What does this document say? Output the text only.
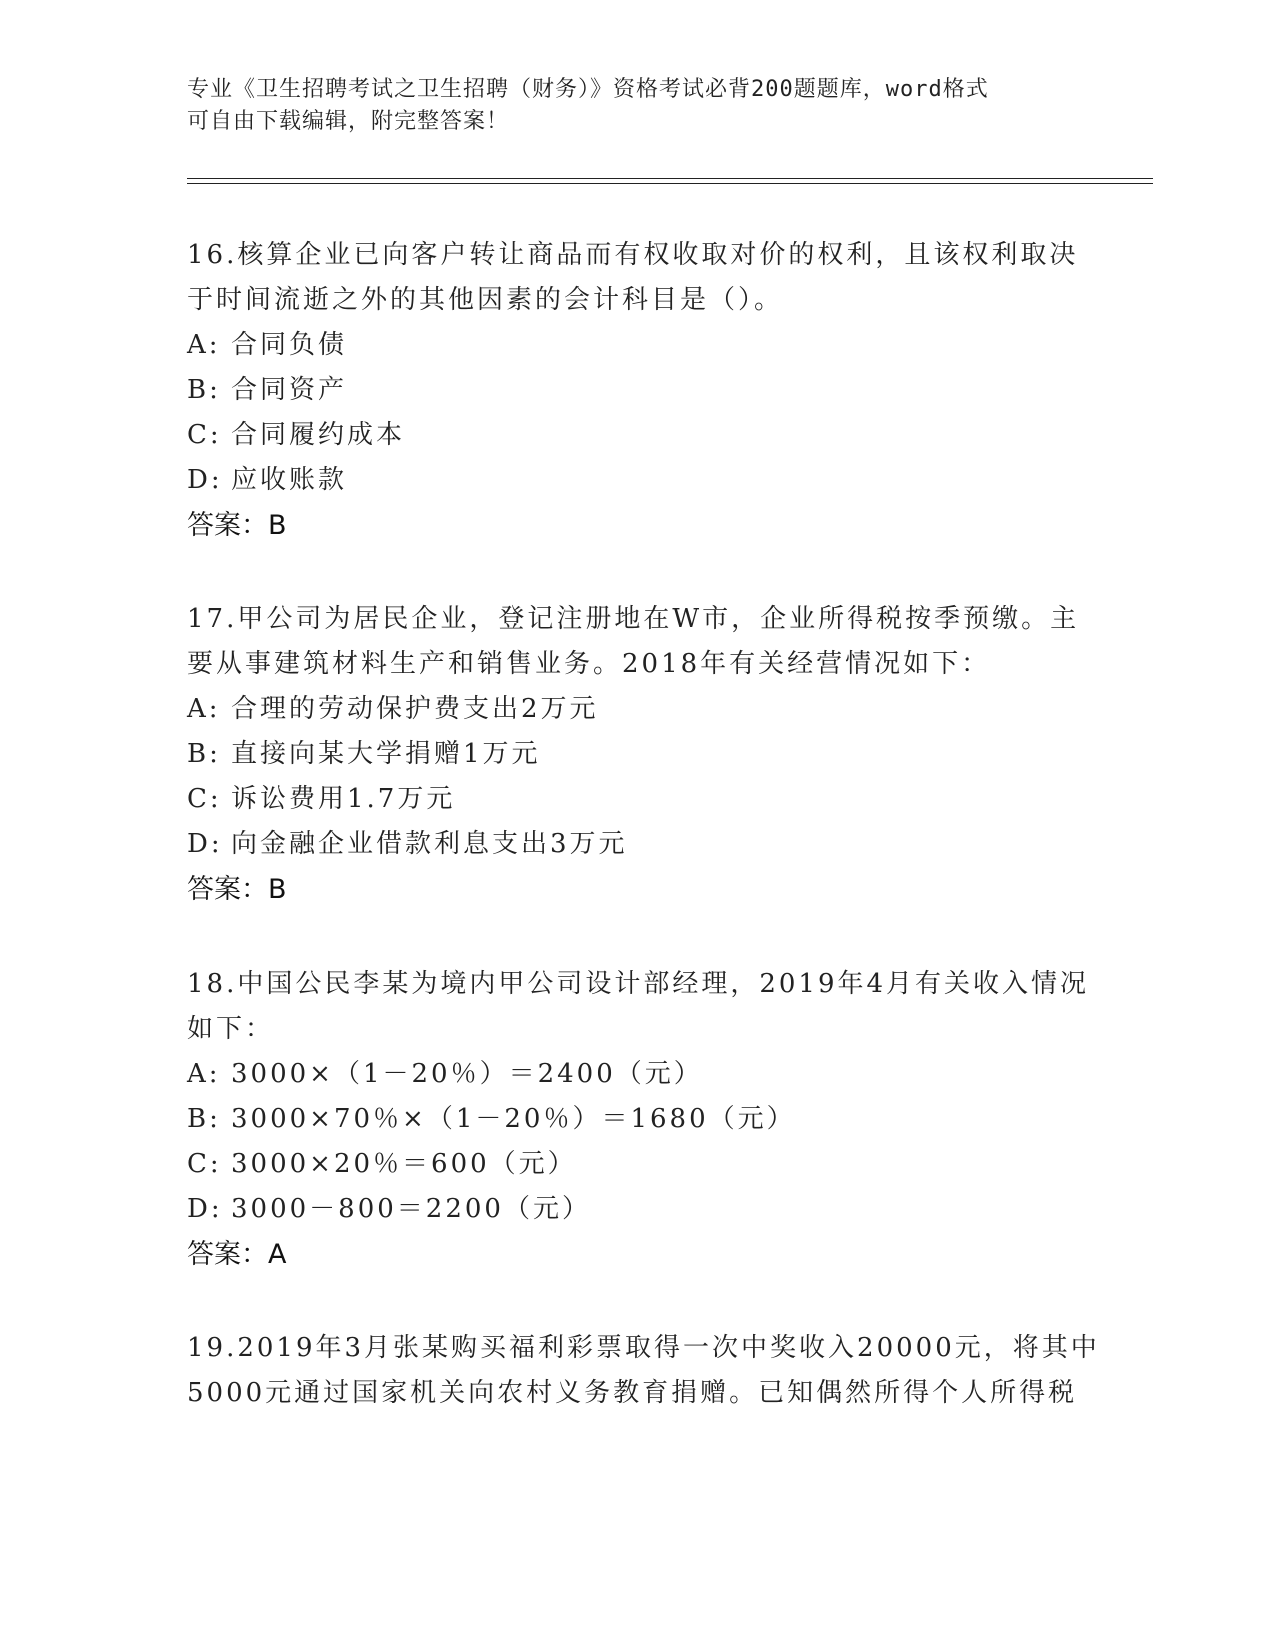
专业《卫生招聘考试之卫生招聘（财务）》资格考试必背200题题库，word格式
可自由下载编辑，附完整答案！
16.核算企业已向客户转让商品而有权收取对价的权利，且该权利取决
于时间流逝之外的其他因素的会计科目是（）。
A: 合同负债
B: 合同资产
C: 合同履约成本
D: 应收账款
答案：B
17.甲公司为居民企业，登记注册地在W市，企业所得税按季预缴。主
要从事建筑材料生产和销售业务。2018年有关经营情况如下：
A: 合理的劳动保护费支出2万元
B: 直接向某大学捐赠1万元
C: 诉讼费用1.7万元
D: 向金融企业借款利息支出3万元
答案：B
18.中国公民李某为境内甲公司设计部经理，2019年4月有关收入情况
如下：
A: 3000×（1－20％）＝2400（元）
B: 3000×70％×（1－20％）＝1680（元）
C: 3000×20％＝600（元）
D: 3000－800＝2200（元）
答案：A
19.2019年3月张某购买福利彩票取得一次中奖收入20000元，将其中
5000元通过国家机关向农村义务教育捐赠。已知偶然所得个人所得税
